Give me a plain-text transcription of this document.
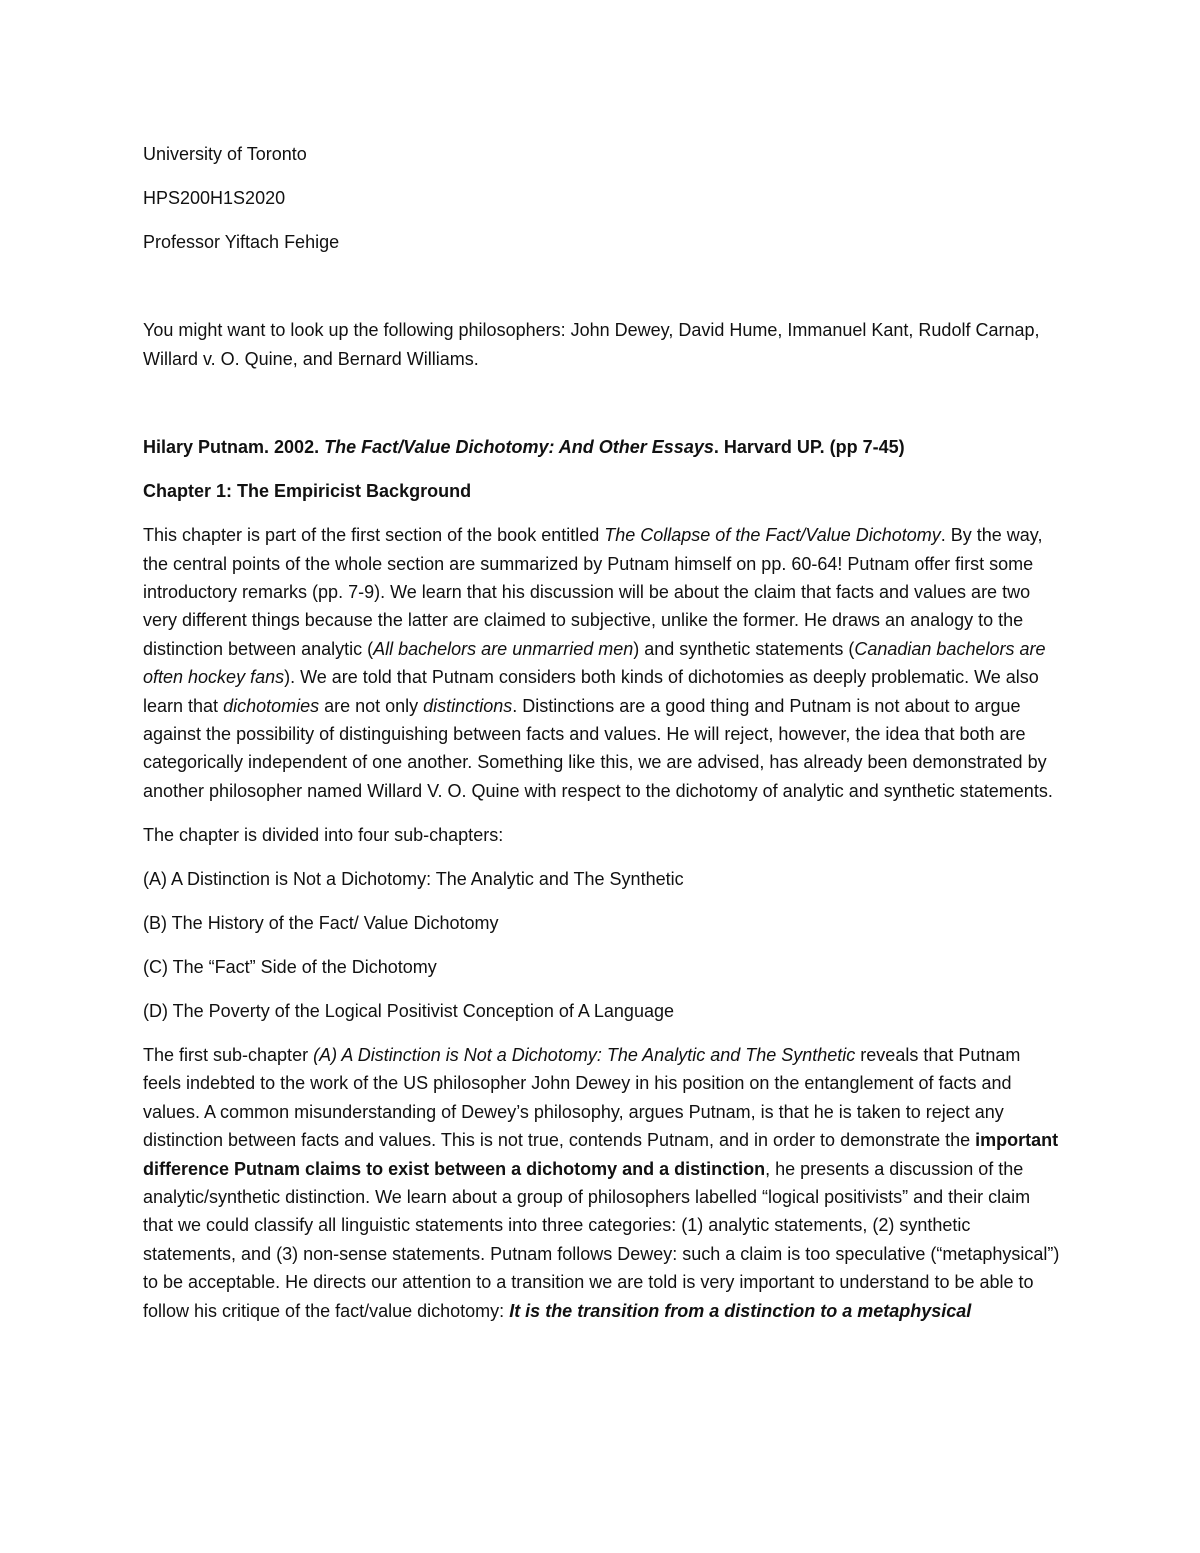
University of Toronto

HPS200H1S2020

Professor Yiftach Fehige

You might want to look up the following philosophers: John Dewey, David Hume, Immanuel Kant, Rudolf Carnap, Willard v. O. Quine, and Bernard Williams.

Hilary Putnam. 2002. The Fact/Value Dichotomy: And Other Essays. Harvard UP. (pp 7-45)

Chapter 1: The Empiricist Background

This chapter is part of the first section of the book entitled The Collapse of the Fact/Value Dichotomy. By the way, the central points of the whole section are summarized by Putnam himself on pp. 60-64! Putnam offer first some introductory remarks (pp. 7-9). We learn that his discussion will be about the claim that facts and values are two very different things because the latter are claimed to subjective, unlike the former. He draws an analogy to the distinction between analytic (All bachelors are unmarried men) and synthetic statements (Canadian bachelors are often hockey fans). We are told that Putnam considers both kinds of dichotomies as deeply problematic. We also learn that dichotomies are not only distinctions. Distinctions are a good thing and Putnam is not about to argue against the possibility of distinguishing between facts and values. He will reject, however, the idea that both are categorically independent of one another. Something like this, we are advised, has already been demonstrated by another philosopher named Willard V. O. Quine with respect to the dichotomy of analytic and synthetic statements.

The chapter is divided into four sub-chapters:

(A) A Distinction is Not a Dichotomy: The Analytic and The Synthetic

(B) The History of the Fact/ Value Dichotomy

(C) The “Fact” Side of the Dichotomy

(D) The Poverty of the Logical Positivist Conception of A Language

The first sub-chapter (A) A Distinction is Not a Dichotomy: The Analytic and The Synthetic reveals that Putnam feels indebted to the work of the US philosopher John Dewey in his position on the entanglement of facts and values. A common misunderstanding of Dewey’s philosophy, argues Putnam, is that he is taken to reject any distinction between facts and values. This is not true, contends Putnam, and in order to demonstrate the important difference Putnam claims to exist between a dichotomy and a distinction, he presents a discussion of the analytic/synthetic distinction. We learn about a group of philosophers labelled “logical positivists” and their claim that we could classify all linguistic statements into three categories: (1) analytic statements, (2) synthetic statements, and (3) non-sense statements. Putnam follows Dewey: such a claim is too speculative (“metaphysical”) to be acceptable. He directs our attention to a transition we are told is very important to understand to be able to follow his critique of the fact/value dichotomy: It is the transition from a distinction to a metaphysical
